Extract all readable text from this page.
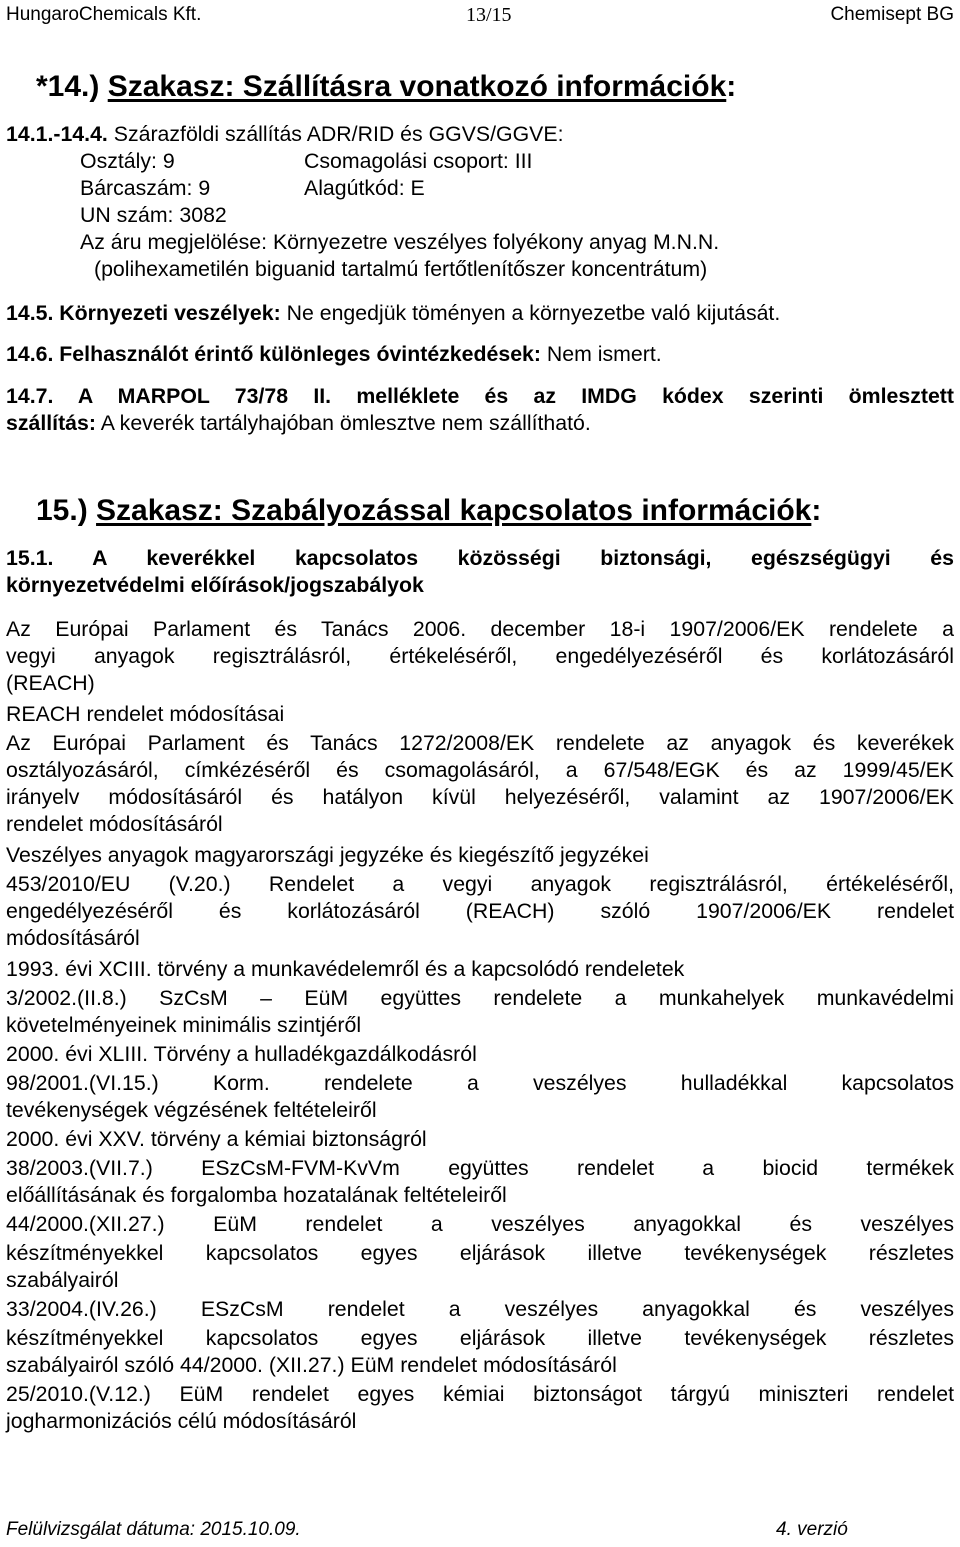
HungaroChemicals Kft.	13/15	Chemisept BG
*14.) Szakasz: Szállításra vonatkozó információk:
14.1.-14.4. Szárazföldi szállítás ADR/RID és GGVS/GGVE:
Osztály: 9	Csomagolási csoport: III
Bárcaszám: 9	Alagútkód: E
UN szám: 3082
Az áru megjelölése: Környezetre veszélyes folyékony anyag M.N.N.
(polihexametilén biguanid tartalmú fertőtlenítőszer koncentrátum)
14.5. Környezeti veszélyek: Ne engedjük töményen a környezetbe való kijutását.
14.6. Felhasználót érintő különleges óvintézkedések: Nem ismert.
14.7. A MARPOL 73/78 II. melléklete és az IMDG kódex szerinti ömlesztett
szállítás: A keverék tartályhajóban ömlesztve nem szállítható.
15.) Szakasz: Szabályozással kapcsolatos információk:
15.1. A keverékkel kapcsolatos közösségi biztonsági, egészségügyi és
környezetvédelmi előírások/jogszabályok
Az Európai Parlament és Tanács 2006. december 18-i 1907/2006/EK rendelete a
vegyi anyagok regisztrálásról, értékeléséről, engedélyezéséről és korlátozásáról
(REACH)
REACH rendelet módosításai
Az Európai Parlament és Tanács 1272/2008/EK rendelete az anyagok és keverékek
osztályozásáról, címkézéséről és csomagolásáról, a 67/548/EGK és az 1999/45/EK
irányelv módosításáról és hatályon kívül helyezéséről, valamint az 1907/2006/EK
rendelet módosításáról
Veszélyes anyagok magyarországi jegyzéke és kiegészítő jegyzékei
453/2010/EU (V.20.) Rendelet a vegyi anyagok regisztrálásról, értékeléséről,
engedélyezéséről és korlátozásáról (REACH) szóló 1907/2006/EK rendelet
módosításáról
1993. évi XCIII. törvény a munkavédelemről és a kapcsolódó rendeletek
3/2002.(II.8.) SzCsM – EüM együttes rendelete a munkahelyek munkavédelmi
követelményeinek minimális szintjéről
2000. évi XLIII. Törvény a hulladékgazdálkodásról
98/2001.(VI.15.) Korm. rendelete a veszélyes hulladékkal kapcsolatos
tevékenységek végzésének feltételeiről
2000. évi XXV. törvény a kémiai biztonságról
38/2003.(VII.7.) ESzCsM-FVM-KvVm együttes rendelet a biocid termékek
előállításának és forgalomba hozatalának feltételeiről
44/2000.(XII.27.) EüM rendelet a veszélyes anyagokkal és veszélyes
készítményekkel kapcsolatos egyes eljárások illetve tevékenységek részletes
szabályairól
33/2004.(IV.26.) ESzCsM rendelet a veszélyes anyagokkal és veszélyes
készítményekkel kapcsolatos egyes eljárások illetve tevékenységek részletes
szabályairól szóló 44/2000. (XII.27.) EüM rendelet módosításáról
25/2010.(V.12.) EüM rendelet egyes kémiai biztonságot tárgyú miniszteri rendelet
jogharmonizációs célú módosításáról
Felülvizsgálat dátuma: 2015.10.09.	4. verzió
